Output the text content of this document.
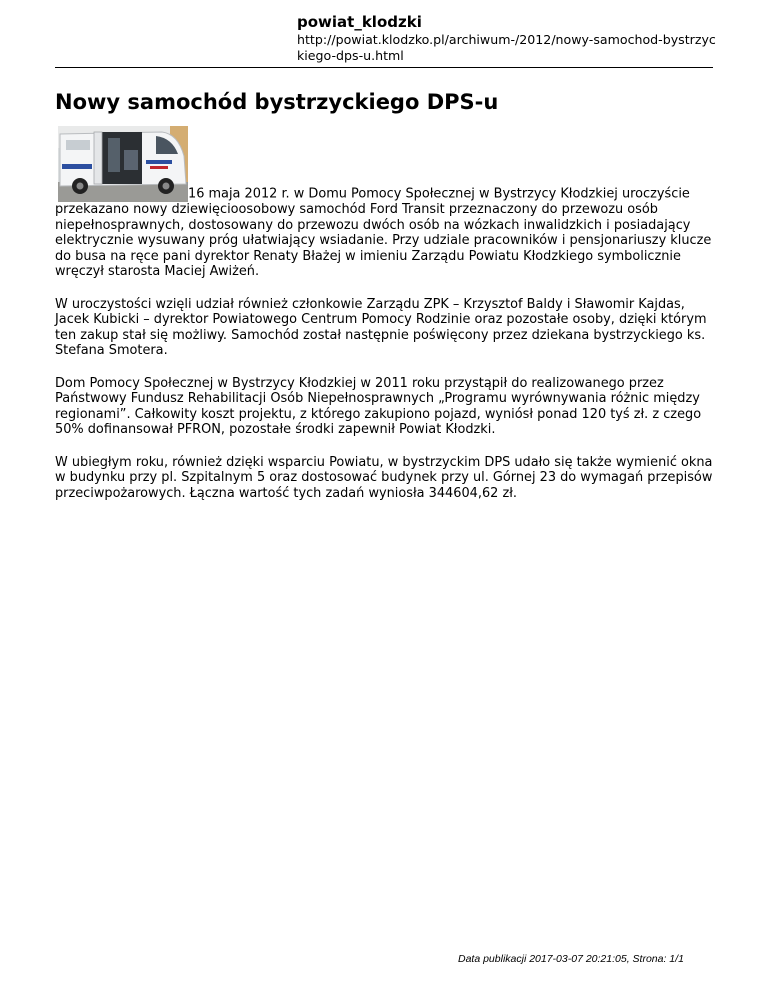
powiat_klodzki
http://powiat.klodzko.pl/archiwum-/2012/nowy-samochod-bystrzyckiego-dps-u.html
Nowy samochód bystrzyckiego DPS-u

16 maja 2012 r. w Domu Pomocy Społecznej w Bystrzycy Kłodzkiej uroczyście przekazano nowy dziewięcioosobowy samochód Ford Transit przeznaczony do przewozu osób niepełnosprawnych, dostosowany do przewozu dwóch osób na wózkach inwalidzkich i posiadający elektrycznie wysuwany próg ułatwiający wsiadanie. Przy udziale pracowników i pensjonariuszy klucze do busa na ręce pani dyrektor Renaty Błażej w imieniu Zarządu Powiatu Kłodzkiego symbolicznie wręczył starosta Maciej Awiżeń.

W uroczystości wzięli udział również członkowie Zarządu ZPK – Krzysztof Baldy i Sławomir Kajdas, Jacek Kubicki – dyrektor Powiatowego Centrum Pomocy Rodzinie oraz pozostałe osoby, dzięki którym ten zakup stał się możliwy. Samochód został następnie poświęcony przez dziekana bystrzyckiego ks. Stefana Smotera.

Dom Pomocy Społecznej w Bystrzycy Kłodzkiej w 2011 roku przystąpił do realizowanego przez Państwowy Fundusz Rehabilitacji Osób Niepełnosprawnych „Programu wyrównywania różnic między regionami”. Całkowity koszt projektu, z którego zakupiono pojazd, wyniósł ponad 120 tyś zł. z czego 50% dofinansował PFRON, pozostałe środki zapewnił Powiat Kłodzki.

W ubiegłym roku, również dzięki wsparciu Powiatu, w bystrzyckim DPS udało się także wymienić okna w budynku przy pl. Szpitalnym 5 oraz dostosować budynek przy ul. Górnej 23 do wymagań przepisów przeciwpożarowych. Łączna wartość tych zadań wyniosła 344604,62 zł.

Data publikacji 2017-03-07 20:21:05, Strona: 1/1
